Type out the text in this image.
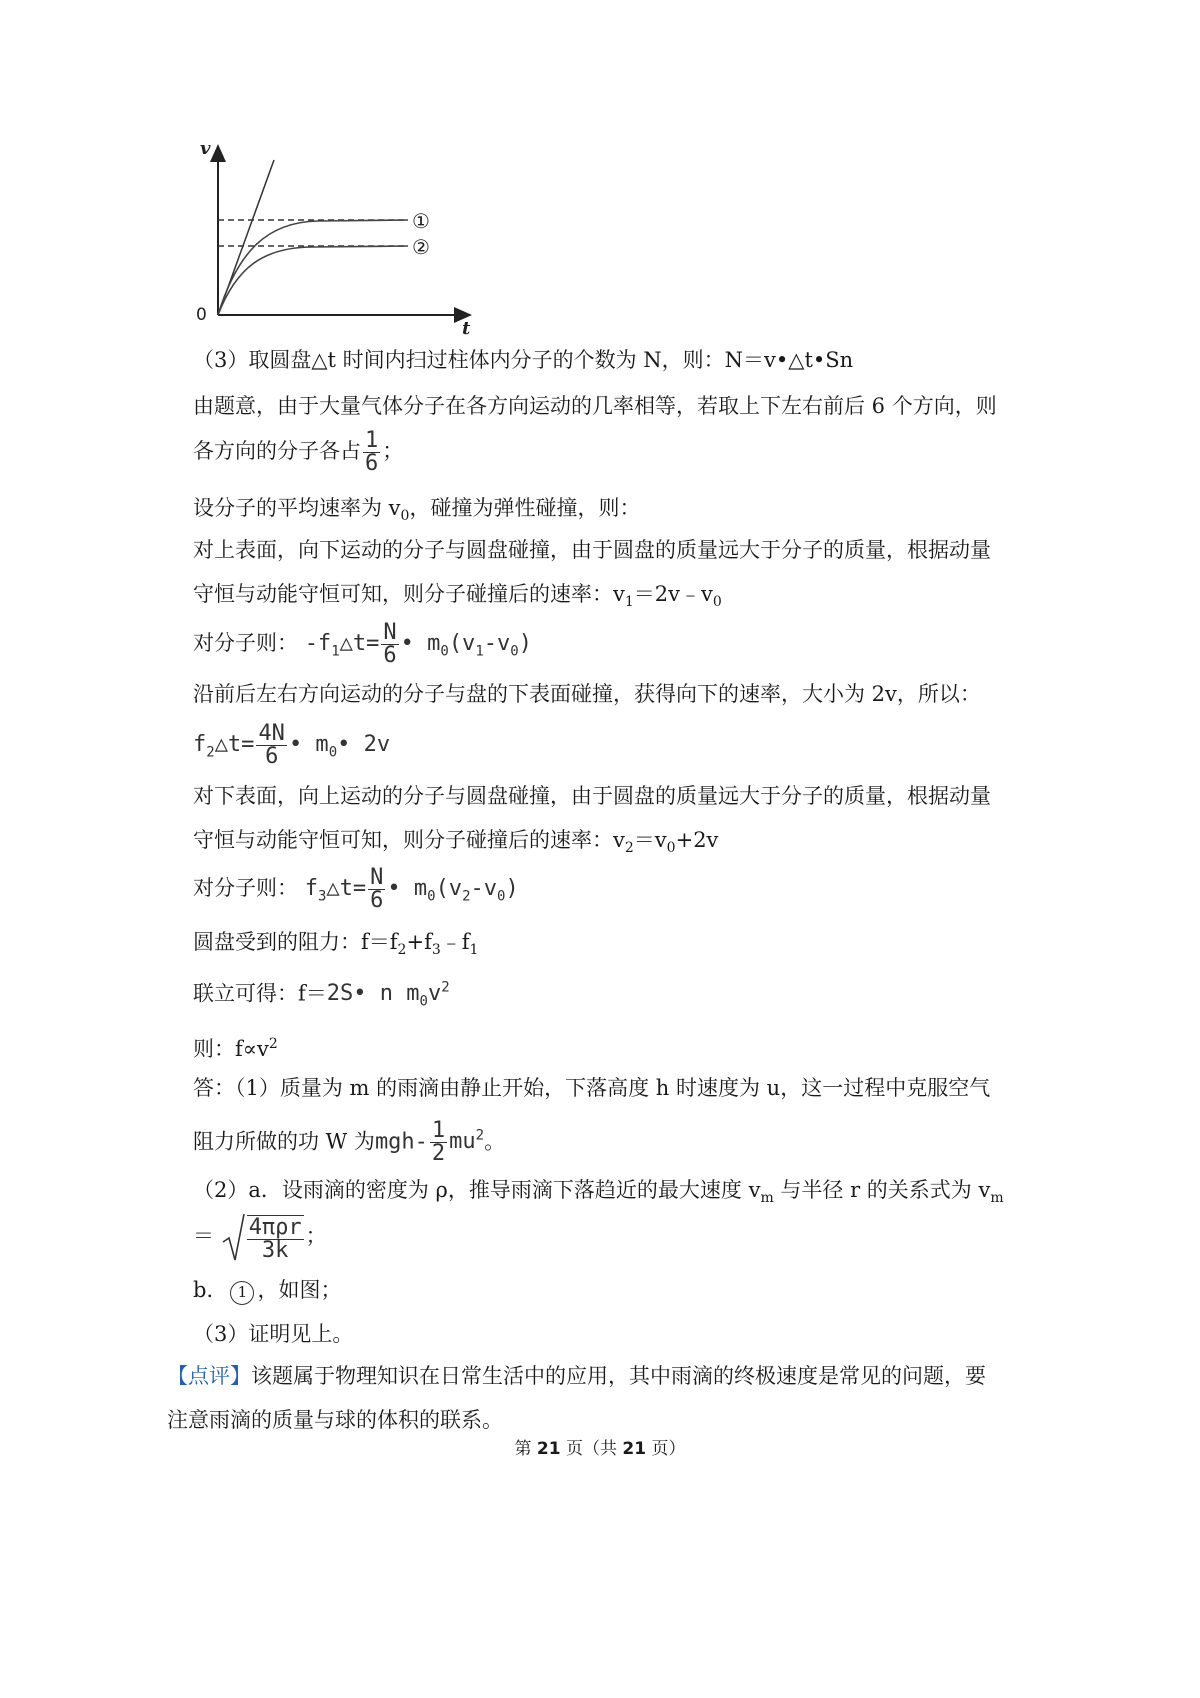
v
t
0
①
②
（3）取圆盘△t 时间内扫过柱体内分子的个数为 N，则：N＝v•△t•Sn
由题意，由于大量气体分子在各方向运动的几率相等，若取上下左右前后 6 个方向，则
各方向的分子各占 $\frac{1}{6}$ ；
设分子的平均速率为 $v_0$，碰撞为弹性碰撞，则：
对上表面，向下运动的分子与圆盘碰撞，由于圆盘的质量远大于分子的质量，根据动量
守恒与动能守恒可知，则分子碰撞后的速率：$v_1=2v﹣v_0$
对分子则： $-f_1\triangle t= \frac{N}{6}$ • $m_0(v_1-v_0)$
沿前后左右方向运动的分子与盘的下表面碰撞，获得向下的速率，大小为 2v，所以：
$f_2\triangle t= \frac{4N}{6}$ • $m_0•$ 2v
对下表面，向上运动的分子与圆盘碰撞，由于圆盘的质量远大于分子的质量，根据动量
守恒与动能守恒可知，则分子碰撞后的速率：$v_2=v_0+2v$
对分子则： $f_3\triangle t= \frac{N}{6}$ • $m_0(v_2-v_0)$
圆盘受到的阻力：$f=f_2+f_3﹣f_1$
联立可得：f＝2S• n $m_0v^2$
则：$f\propto v^2$
答：（1）质量为 m 的雨滴由静止开始，下落高度 h 时速度为 u，这一过程中克服空气
阻力所做的功 W 为$mgh- \frac{1}{2} mu^2$。
（2）a．设雨滴的密度为 ρ，推导雨滴下落趋近的最大速度 $v_m$ 与半径 r 的关系式为 $v_m$
＝ $\frac{\text{4πρr}}{3k}$ ；
b． 1 ，如图；
（3）证明见上。
【点评】该题属于物理知识在日常生活中的应用，其中雨滴的终极速度是常见的问题，要
注意雨滴的质量与球的体积的联系。
第 21 页（共 21 页）
